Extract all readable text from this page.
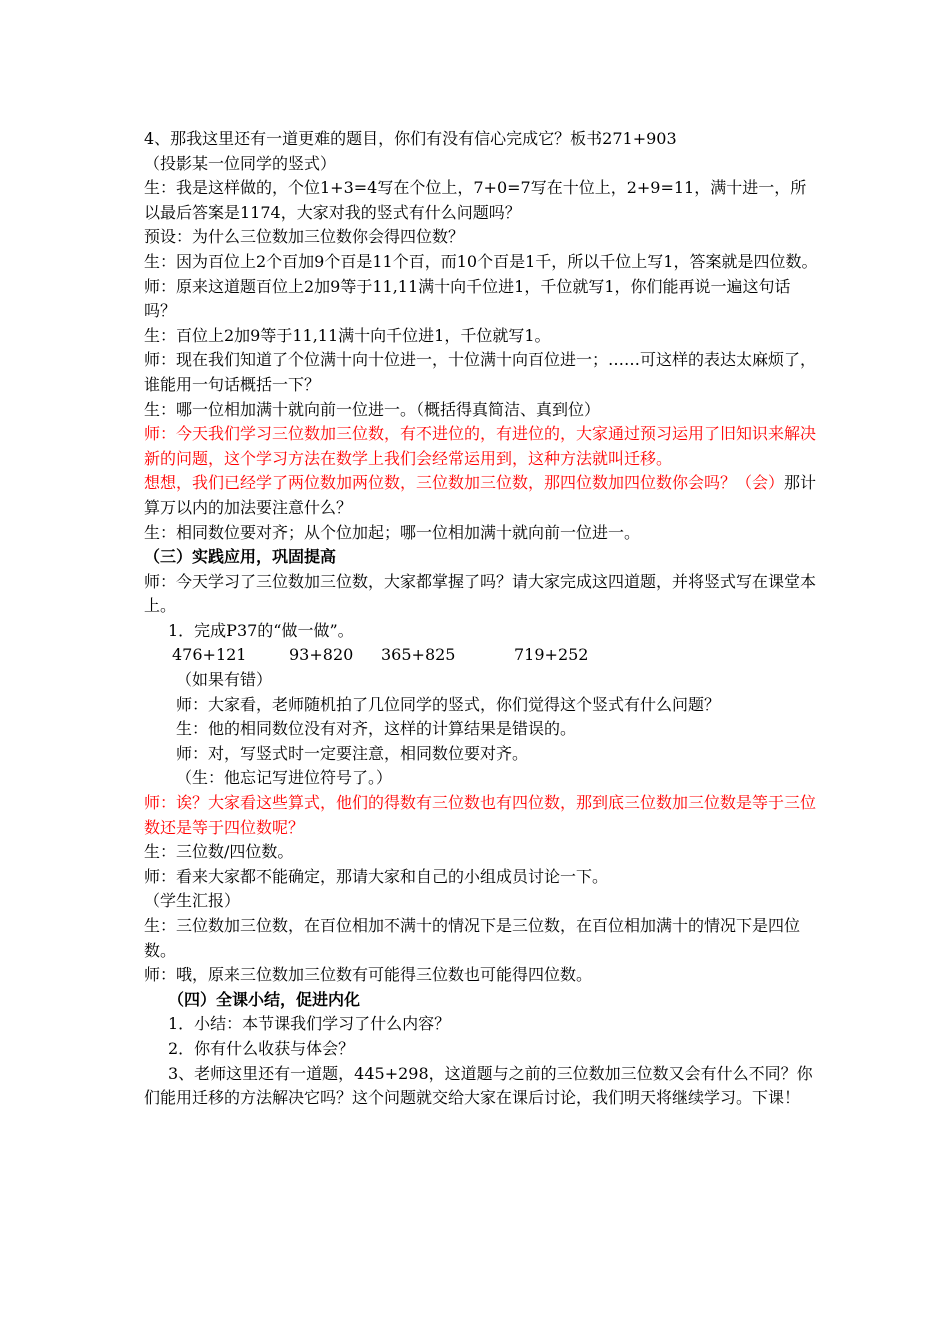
4、那我这里还有一道更难的题目，你们有没有信心完成它？板书271+903

（投影某一位同学的竖式）

生：我是这样做的，个位1+3=4写在个位上，7+0=7写在十位上，2+9=11，满十进一，所以最后答案是1174，大家对我的竖式有什么问题吗？

预设：为什么三位数加三位数你会得四位数？

生：因为百位上2个百加9个百是11个百，而10个百是1千，所以千位上写1，答案就是四位数。

师：原来这道题百位上2加9等于11,11满十向千位进1，千位就写1，你们能再说一遍这句话吗？

生：百位上2加9等于11,11满十向千位进1，千位就写1。

师：现在我们知道了个位满十向十位进一，十位满十向百位进一；……可这样的表达太麻烦了，谁能用一句话概括一下？

生：哪一位相加满十就向前一位进一。（概括得真简洁、真到位）

师：今天我们学习三位数加三位数，有不进位的，有进位的，大家通过预习运用了旧知识来解决新的问题，这个学习方法在数学上我们会经常运用到，这种方法就叫迁移。

想想，我们已经学了两位数加两位数，三位数加三位数，那四位数加四位数你会吗？（会）那计算万以内的加法要注意什么？

生：相同数位要对齐；从个位加起；哪一位相加满十就向前一位进一。

（三）实践应用，巩固提高

师：今天学习了三位数加三位数，大家都掌握了吗？请大家完成这四道题，并将竖式写在课堂本上。

1．完成P37的“做一做”。

476+121	93+820	365+825	719+252

（如果有错）

师：大家看，老师随机拍了几位同学的竖式，你们觉得这个竖式有什么问题？

生：他的相同数位没有对齐，这样的计算结果是错误的。

师：对，写竖式时一定要注意，相同数位要对齐。

（生：他忘记写进位符号了。）

师：诶？大家看这些算式，他们的得数有三位数也有四位数，那到底三位数加三位数是等于三位数还是等于四位数呢？

生：三位数/四位数。

师：看来大家都不能确定，那请大家和自己的小组成员讨论一下。

（学生汇报）

生：三位数加三位数，在百位相加不满十的情况下是三位数，在百位相加满十的情况下是四位数。

师：哦，原来三位数加三位数有可能得三位数也可能得四位数。

（四）全课小结，促进内化

1．小结：本节课我们学习了什么内容？

2．你有什么收获与体会？

3、老师这里还有一道题，445+298，这道题与之前的三位数加三位数又会有什么不同？你们能用迁移的方法解决它吗？这个问题就交给大家在课后讨论，我们明天将继续学习。下课！
